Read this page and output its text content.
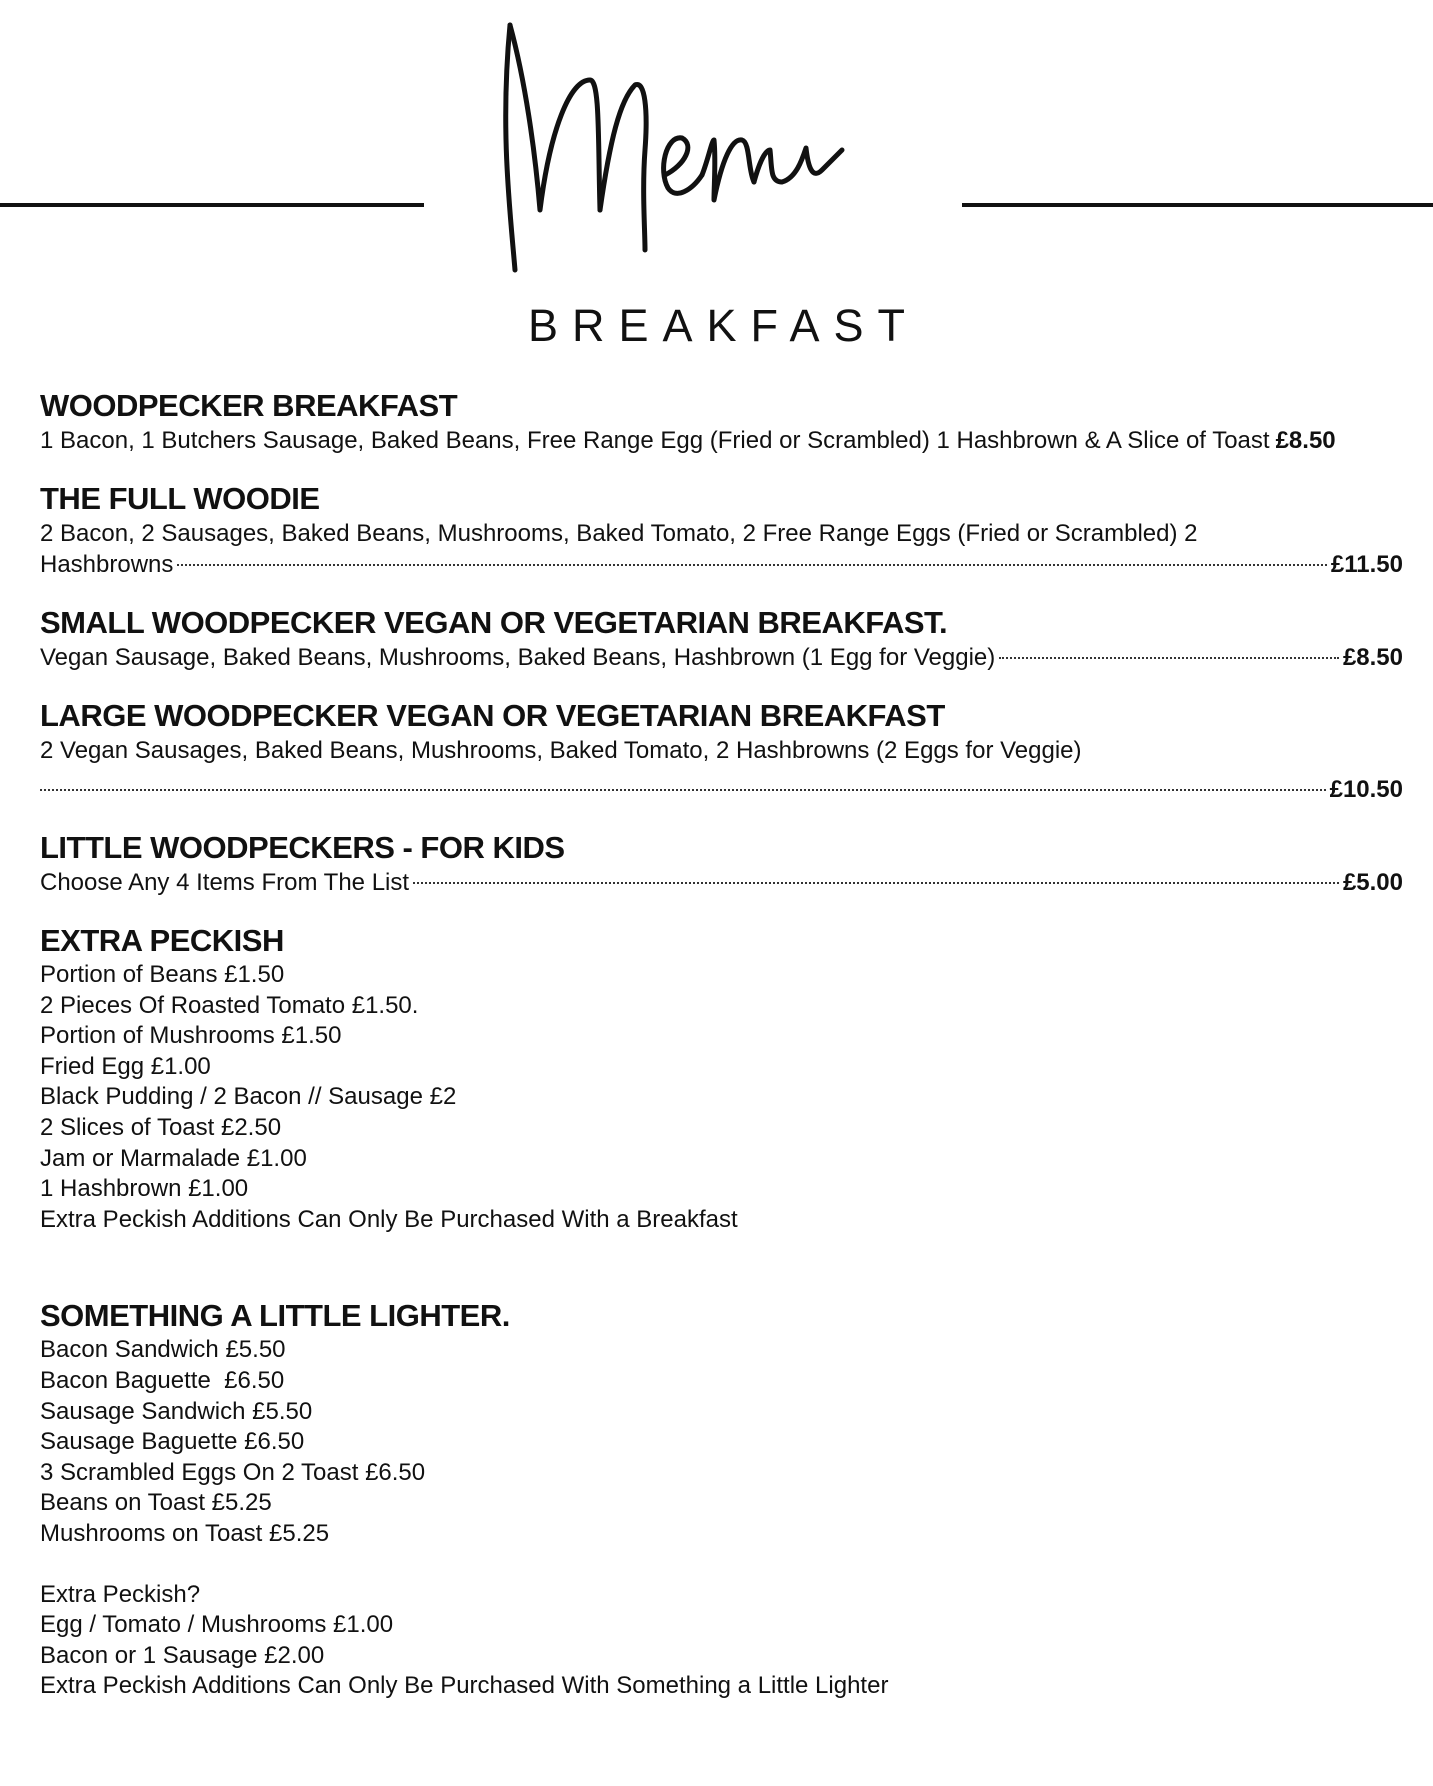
BREAKFAST
WOODPECKER BREAKFAST
1 Bacon, 1 Butchers Sausage, Baked Beans, Free Range Egg (Fried or Scrambled) 1 Hashbrown & A Slice of Toast £8.50
THE FULL WOODIE
2 Bacon, 2 Sausages, Baked Beans, Mushrooms, Baked Tomato, 2 Free Range Eggs (Fried or Scrambled) 2
Hashbrowns	£11.50
SMALL WOODPECKER VEGAN OR VEGETARIAN BREAKFAST.
Vegan Sausage, Baked Beans, Mushrooms, Baked Beans, Hashbrown (1 Egg for Veggie)	£8.50
LARGE WOODPECKER VEGAN OR VEGETARIAN BREAKFAST
2 Vegan Sausages, Baked Beans, Mushrooms, Baked Tomato, 2 Hashbrowns (2 Eggs for Veggie)
£10.50
LITTLE WOODPECKERS - FOR KIDS
Choose Any 4 Items From The List	£5.00
EXTRA PECKISH
Portion of Beans £1.50
2 Pieces Of Roasted Tomato £1.50.
Portion of Mushrooms £1.50
Fried Egg £1.00
Black Pudding / 2 Bacon // Sausage £2
2 Slices of Toast £2.50
Jam or Marmalade £1.00
1 Hashbrown £1.00
Extra Peckish Additions Can Only Be Purchased With a Breakfast
SOMETHING A LITTLE LIGHTER.
Bacon Sandwich £5.50
Bacon Baguette  £6.50
Sausage Sandwich £5.50
Sausage Baguette £6.50
3 Scrambled Eggs On 2 Toast £6.50
Beans on Toast £5.25
Mushrooms on Toast £5.25
Extra Peckish?
Egg / Tomato / Mushrooms £1.00
Bacon or 1 Sausage £2.00
Extra Peckish Additions Can Only Be Purchased With Something a Little Lighter
